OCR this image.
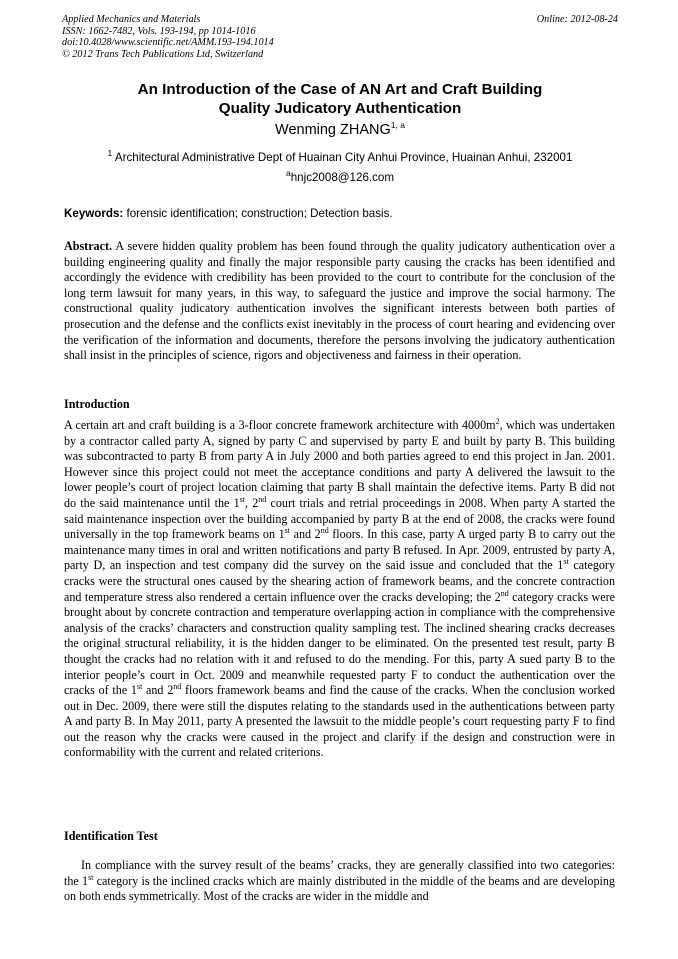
Applied Mechanics and Materials
ISSN: 1662-7482, Vols. 193-194, pp 1014-1016
doi:10.4028/www.scientific.net/AMM.193-194.1014
© 2012 Trans Tech Publications Ltd, Switzerland
Online: 2012-08-24
An Introduction of the Case of AN Art and Craft Building
Quality Judicatory Authentication
Wenming ZHANG$^{1, a}$
$^1$ Architectural Administrative Dept of Huainan City Anhui Province, Huainan Anhui, 232001
$^a$hnjc2008@126.com
Keywords: forensic identification; construction; Detection basis.
Abstract. A severe hidden quality problem has been found through the quality judicatory authentication over a building engineering quality and finally the major responsible party causing the cracks has been identified and accordingly the evidence with credibility has been provided to the court to contribute for the conclusion of the long term lawsuit for many years, in this way, to safeguard the justice and improve the social harmony. The constructional quality judicatory authentication involves the significant interests between both parties of prosecution and the defense and the conflicts exist inevitably in the process of court hearing and evidencing over the verification of the information and documents, therefore the persons involving the judicatory authentication shall insist in the principles of science, rigors and objectiveness and fairness in their operation.
Introduction
A certain art and craft building is a 3-floor concrete framework architecture with $4000m^2$, which was undertaken by a contractor called party A, signed by party C and supervised by party E and built by party B. This building was subcontracted to party B from party A in July 2000 and both parties agreed to end this project in Jan. 2001. However since this project could not meet the acceptance conditions and party A delivered the lawsuit to the lower people’s court of project location claiming that party B shall maintain the defective items. Party B did not do the said maintenance until the 1st, 2nd court trials and retrial proceedings in 2008. When party A started the said maintenance inspection over the building accompanied by party B at the end of 2008, the cracks were found universally in the top framework beams on 1st and 2nd floors. In this case, party A urged party B to carry out the maintenance many times in oral and written notifications and party B refused. In Apr. 2009, entrusted by party A, party D, an inspection and test company did the survey on the said issue and concluded that the 1st category cracks were the structural ones caused by the shearing action of framework beams, and the concrete contraction and temperature stress also rendered a certain influence over the cracks developing; the 2nd category cracks were brought about by concrete contraction and temperature overlapping action in compliance with the comprehensive analysis of the cracks’ characters and construction quality sampling test. The inclined shearing cracks decreases the original structural reliability, it is the hidden danger to be eliminated. On the presented test result, party B thought the cracks had no relation with it and refused to do the mending. For this, party A sued party B to the interior people’s court in Oct. 2009 and meanwhile requested party F to conduct the authentication over the cracks of the 1st and 2nd floors framework beams and find the cause of the cracks. When the conclusion worked out in Dec. 2009, there were still the disputes relating to the standards used in the authentications between party A and party B. In May 2011, party A presented the lawsuit to the middle people’s court requesting party F to find out the reason why the cracks were caused in the project and clarify if the design and construction were in conformability with the current and related criterions.
Identification Test
In compliance with the survey result of the beams’ cracks, they are generally classified into two categories: the 1st category is the inclined cracks which are mainly distributed in the middle of the beams and are developing on both ends symmetrically. Most of the cracks are wider in the middle and
